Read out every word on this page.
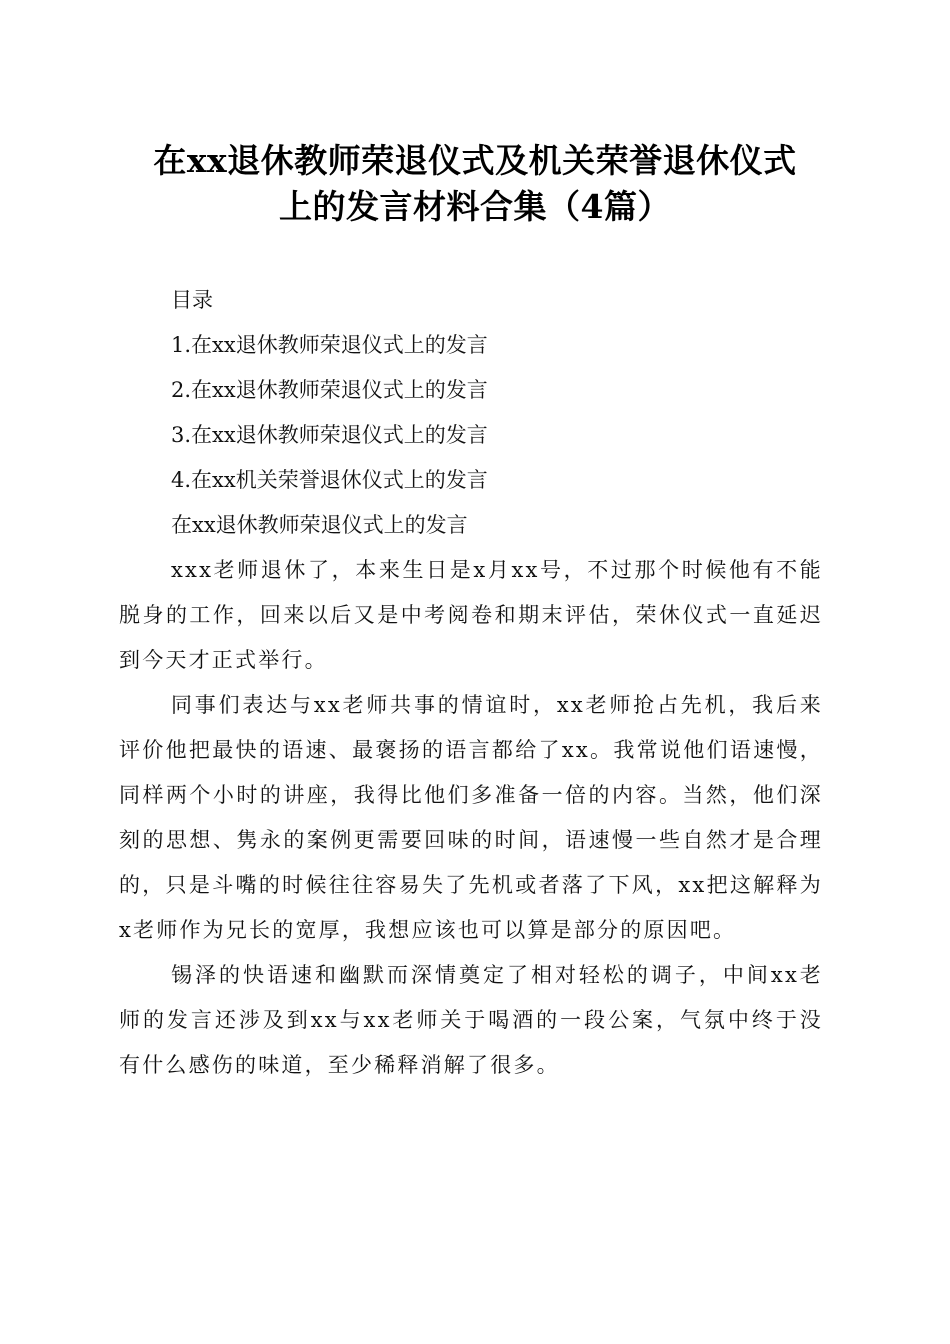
在xx退休教师荣退仪式及机关荣誉退休仪式
上的发言材料合集（4篇）

目录

1.在xx退休教师荣退仪式上的发言

2.在xx退休教师荣退仪式上的发言

3.在xx退休教师荣退仪式上的发言

4.在xx机关荣誉退休仪式上的发言

在xx退休教师荣退仪式上的发言

xxx老师退休了，本来生日是x月xx号，不过那个时候他有不能脱身的工作，回来以后又是中考阅卷和期末评估，荣休仪式一直延迟到今天才正式举行。

同事们表达与xx老师共事的情谊时，xx老师抢占先机，我后来评价他把最快的语速、最褒扬的语言都给了xx。我常说他们语速慢，同样两个小时的讲座，我得比他们多准备一倍的内容。当然，他们深刻的思想、隽永的案例更需要回味的时间，语速慢一些自然才是合理的，只是斗嘴的时候往往容易失了先机或者落了下风，xx把这解释为x老师作为兄长的宽厚，我想应该也可以算是部分的原因吧。

锡泽的快语速和幽默而深情奠定了相对轻松的调子，中间xx老师的发言还涉及到xx与xx老师关于喝酒的一段公案，气氛中终于没有什么感伤的味道，至少稀释消解了很多。
